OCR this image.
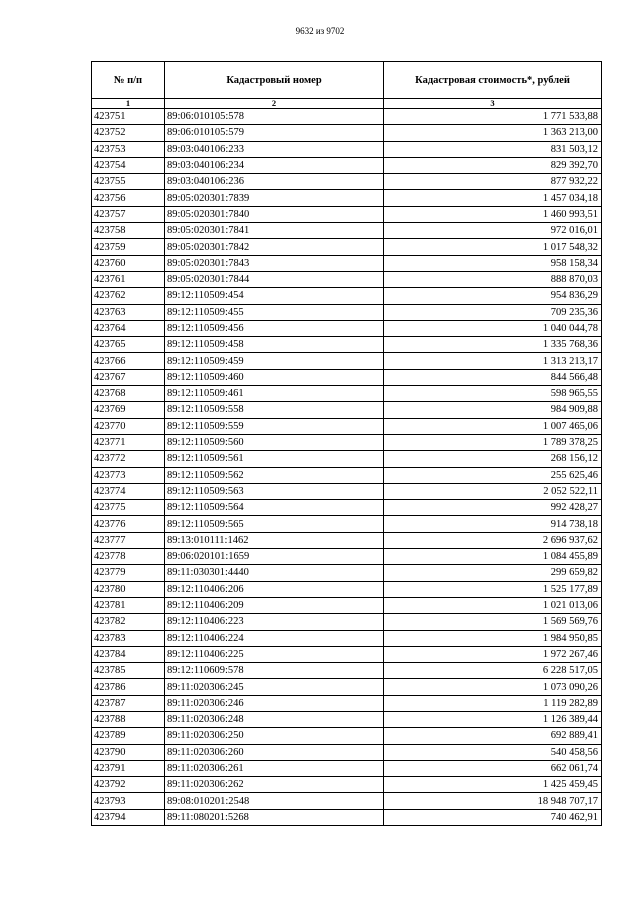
9632 из 9702
№ п/п	Кадастровый номер	Кадастровая стоимость*, рублей
1	2	3
423751	89:06:010105:578	1 771 533,88
423752	89:06:010105:579	1 363 213,00
423753	89:03:040106:233	831 503,12
423754	89:03:040106:234	829 392,70
423755	89:03:040106:236	877 932,22
423756	89:05:020301:7839	1 457 034,18
423757	89:05:020301:7840	1 460 993,51
423758	89:05:020301:7841	972 016,01
423759	89:05:020301:7842	1 017 548,32
423760	89:05:020301:7843	958 158,34
423761	89:05:020301:7844	888 870,03
423762	89:12:110509:454	954 836,29
423763	89:12:110509:455	709 235,36
423764	89:12:110509:456	1 040 044,78
423765	89:12:110509:458	1 335 768,36
423766	89:12:110509:459	1 313 213,17
423767	89:12:110509:460	844 566,48
423768	89:12:110509:461	598 965,55
423769	89:12:110509:558	984 909,88
423770	89:12:110509:559	1 007 465,06
423771	89:12:110509:560	1 789 378,25
423772	89:12:110509:561	268 156,12
423773	89:12:110509:562	255 625,46
423774	89:12:110509:563	2 052 522,11
423775	89:12:110509:564	992 428,27
423776	89:12:110509:565	914 738,18
423777	89:13:010111:1462	2 696 937,62
423778	89:06:020101:1659	1 084 455,89
423779	89:11:030301:4440	299 659,82
423780	89:12:110406:206	1 525 177,89
423781	89:12:110406:209	1 021 013,06
423782	89:12:110406:223	1 569 569,76
423783	89:12:110406:224	1 984 950,85
423784	89:12:110406:225	1 972 267,46
423785	89:12:110609:578	6 228 517,05
423786	89:11:020306:245	1 073 090,26
423787	89:11:020306:246	1 119 282,89
423788	89:11:020306:248	1 126 389,44
423789	89:11:020306:250	692 889,41
423790	89:11:020306:260	540 458,56
423791	89:11:020306:261	662 061,74
423792	89:11:020306:262	1 425 459,45
423793	89:08:010201:2548	18 948 707,17
423794	89:11:080201:5268	740 462,91
